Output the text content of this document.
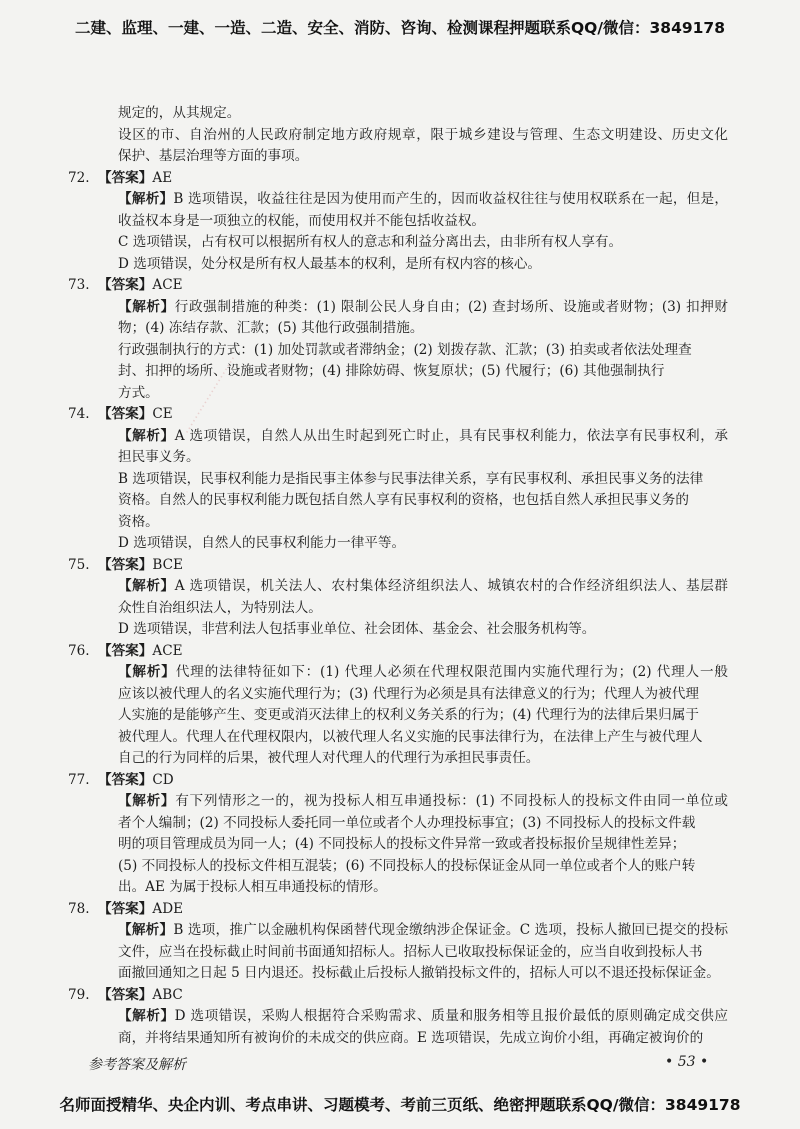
二建、监理、一建、一造、二造、安全、消防、咨询、检测课程押题联系QQ/微信：3849178
⋯⋯⋯⋯⋯⋯⋯
规定的，从其规定。
设区的市、自治州的人民政府制定地方政府规章，限于城乡建设与管理、生态文明建设、历史文化
保护、基层治理等方面的事项。
72. 【答案】AE
【解析】B 选项错误，收益往往是因为使用而产生的，因而收益权往往与使用权联系在一起，但是，
收益权本身是一项独立的权能，而使用权并不能包括收益权。
C 选项错误，占有权可以根据所有权人的意志和利益分离出去，由非所有权人享有。
D 选项错误，处分权是所有权人最基本的权利，是所有权内容的核心。
73. 【答案】ACE
【解析】行政强制措施的种类：(1) 限制公民人身自由；(2) 查封场所、设施或者财物；(3) 扣押财
物；(4) 冻结存款、汇款；(5) 其他行政强制措施。
行政强制执行的方式：(1) 加处罚款或者滞纳金；(2) 划拨存款、汇款；(3) 拍卖或者依法处理查
封、扣押的场所、设施或者财物；(4) 排除妨碍、恢复原状；(5) 代履行；(6) 其他强制执行
方式。
74. 【答案】CE
【解析】A 选项错误，自然人从出生时起到死亡时止，具有民事权利能力，依法享有民事权利，承
担民事义务。
B 选项错误，民事权利能力是指民事主体参与民事法律关系，享有民事权利、承担民事义务的法律
资格。自然人的民事权利能力既包括自然人享有民事权利的资格，也包括自然人承担民事义务的
资格。
D 选项错误，自然人的民事权利能力一律平等。
75. 【答案】BCE
【解析】A 选项错误，机关法人、农村集体经济组织法人、城镇农村的合作经济组织法人、基层群
众性自治组织法人，为特别法人。
D 选项错误，非营利法人包括事业单位、社会团体、基金会、社会服务机构等。
76. 【答案】ACE
【解析】代理的法律特征如下：(1) 代理人必须在代理权限范围内实施代理行为；(2) 代理人一般
应该以被代理人的名义实施代理行为；(3) 代理行为必须是具有法律意义的行为；代理人为被代理
人实施的是能够产生、变更或消灭法律上的权利义务关系的行为；(4) 代理行为的法律后果归属于
被代理人。代理人在代理权限内，以被代理人名义实施的民事法律行为，在法律上产生与被代理人
自己的行为同样的后果，被代理人对代理人的代理行为承担民事责任。
77. 【答案】CD
【解析】有下列情形之一的，视为投标人相互串通投标：(1) 不同投标人的投标文件由同一单位或
者个人编制；(2) 不同投标人委托同一单位或者个人办理投标事宜；(3) 不同投标人的投标文件载
明的项目管理成员为同一人；(4) 不同投标人的投标文件异常一致或者投标报价呈规律性差异；
(5) 不同投标人的投标文件相互混装；(6) 不同投标人的投标保证金从同一单位或者个人的账户转
出。AE 为属于投标人相互串通投标的情形。
78. 【答案】ADE
【解析】B 选项，推广以金融机构保函替代现金缴纳涉企保证金。C 选项，投标人撤回已提交的投标
文件，应当在投标截止时间前书面通知招标人。招标人已收取投标保证金的，应当自收到投标人书
面撤回通知之日起 5 日内退还。投标截止后投标人撤销投标文件的，招标人可以不退还投标保证金。
79. 【答案】ABC
【解析】D 选项错误，采购人根据符合采购需求、质量和服务相等且报价最低的原则确定成交供应
商，并将结果通知所有被询价的未成交的供应商。E 选项错误，先成立询价小组，再确定被询价的
参考答案及解析	• 53 •
名师面授精华、央企内训、考点串讲、习题模考、考前三页纸、绝密押题联系QQ/微信：3849178
